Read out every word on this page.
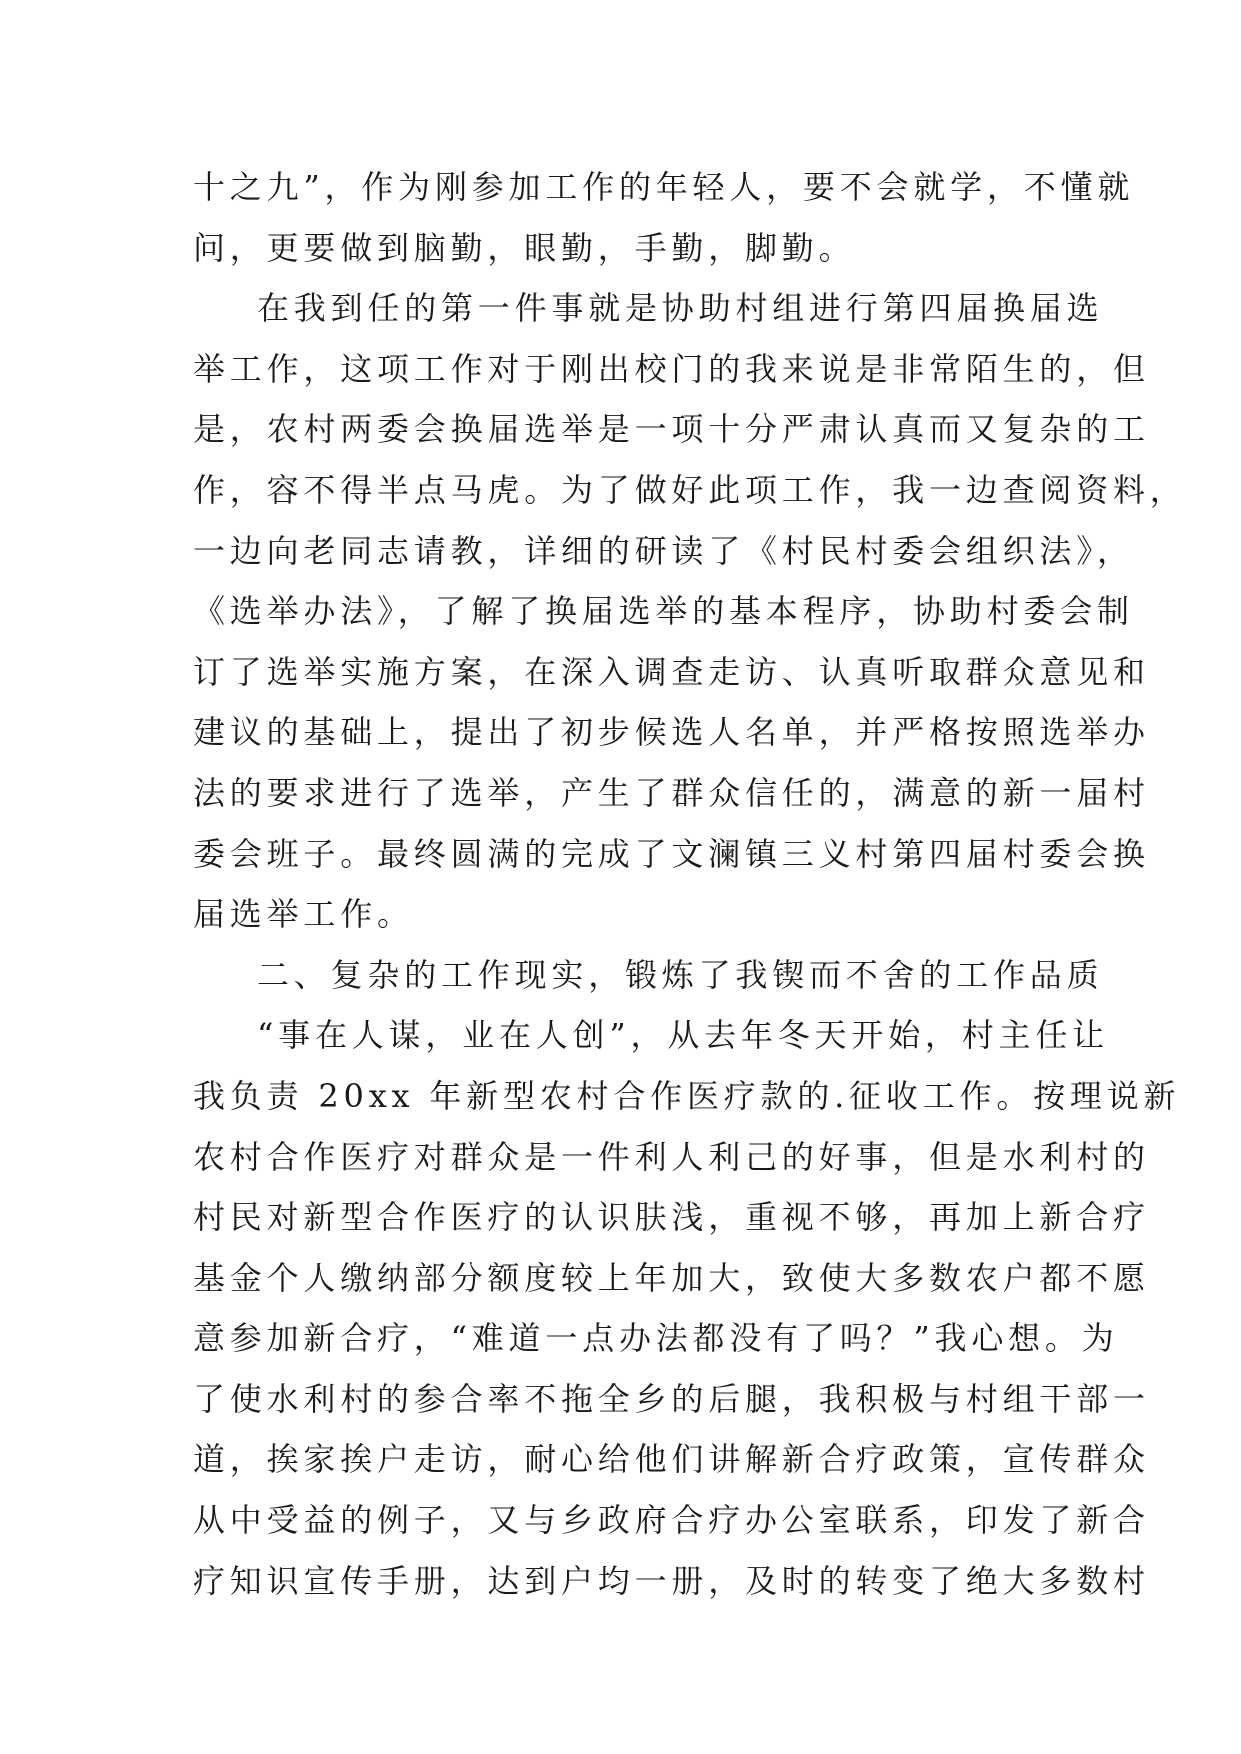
十之九”，作为刚参加工作的年轻人，要不会就学，不懂就
问，更要做到脑勤，眼勤，手勤，脚勤。
在我到任的第一件事就是协助村组进行第四届换届选
举工作，这项工作对于刚出校门的我来说是非常陌生的，但
是，农村两委会换届选举是一项十分严肃认真而又复杂的工
作，容不得半点马虎。为了做好此项工作，我一边查阅资料，
一边向老同志请教，详细的研读了《村民村委会组织法》，
《选举办法》，了解了换届选举的基本程序，协助村委会制
订了选举实施方案，在深入调查走访、认真听取群众意见和
建议的基础上，提出了初步候选人名单，并严格按照选举办
法的要求进行了选举，产生了群众信任的，满意的新一届村
委会班子。最终圆满的完成了文澜镇三义村第四届村委会换
届选举工作。
二、复杂的工作现实，锻炼了我锲而不舍的工作品质
“事在人谋，业在人创”，从去年冬天开始，村主任让
我负责 20xx 年新型农村合作医疗款的.征收工作。按理说新
农村合作医疗对群众是一件利人利己的好事，但是水利村的
村民对新型合作医疗的认识肤浅，重视不够，再加上新合疗
基金个人缴纳部分额度较上年加大，致使大多数农户都不愿
意参加新合疗，“难道一点办法都没有了吗？”我心想。为
了使水利村的参合率不拖全乡的后腿，我积极与村组干部一
道，挨家挨户走访，耐心给他们讲解新合疗政策，宣传群众
从中受益的例子，又与乡政府合疗办公室联系，印发了新合
疗知识宣传手册，达到户均一册，及时的转变了绝大多数村
